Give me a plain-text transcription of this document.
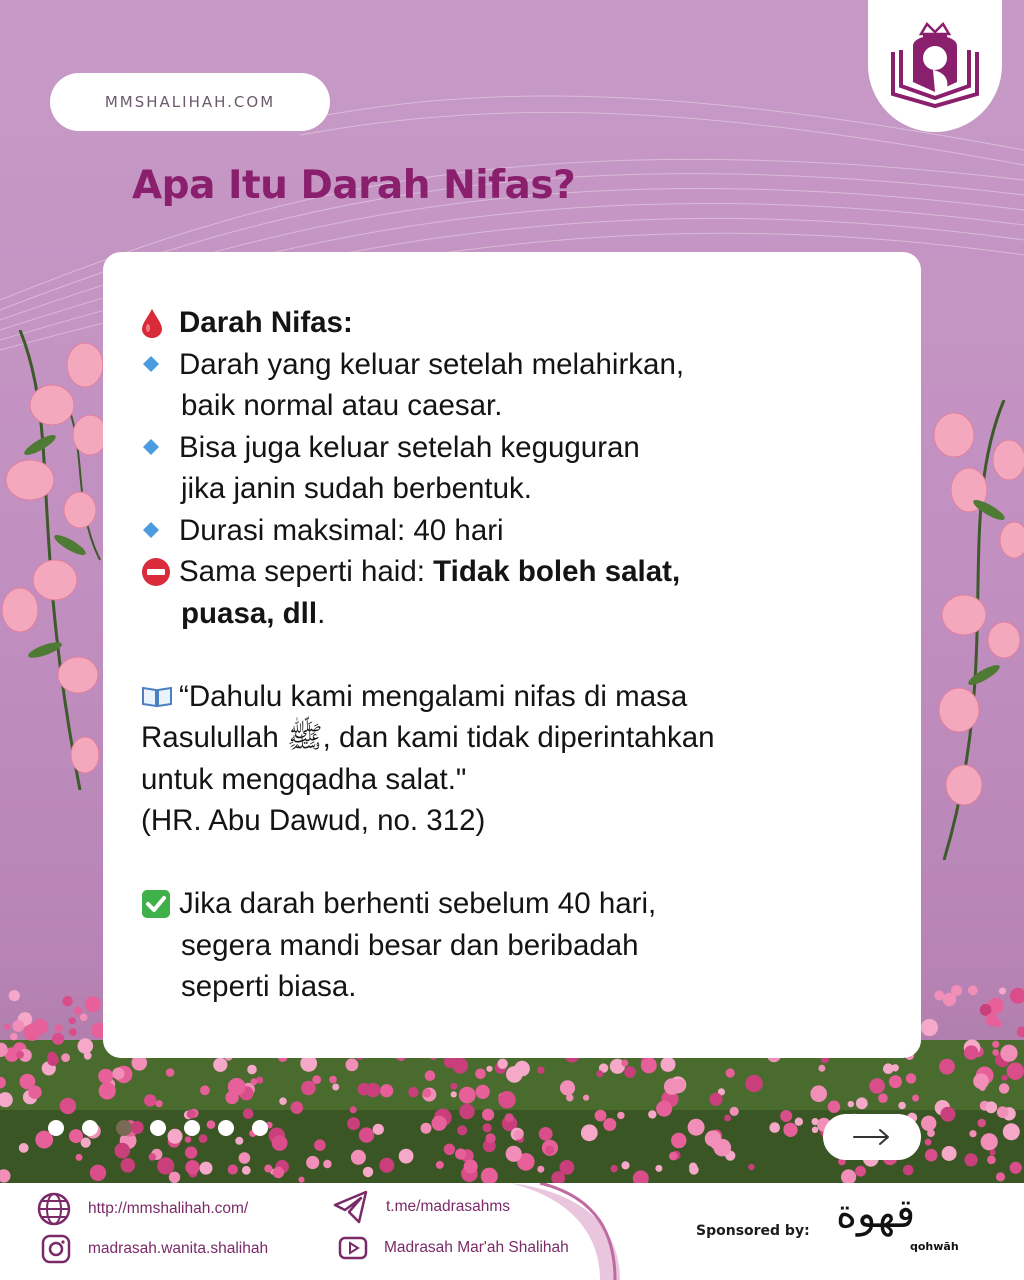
MMSHALIHAH.COM
Apa Itu Darah Nifas?
Darah Nifas:
Darah yang keluar setelah melahirkan,
baik normal atau caesar.
Bisa juga keluar setelah keguguran
jika janin sudah berbentuk.
Durasi maksimal: 40 hari
Sama seperti haid: Tidak boleh salat,
puasa, dll.
“Dahulu kami mengalami nifas di masa
Rasulullah ﷺ, dan kami tidak diperintahkan
untuk mengqadha salat."
(HR. Abu Dawud, no. 312)
Jika darah berhenti sebelum 40 hari,
segera mandi besar dan beribadah
seperti biasa.
http://mmshalihah.com/
madrasah.wanita.shalihah
t.me/madrasahms
Madrasah Mar'ah Shalihah
Sponsored by: قهوة
qohwāh
